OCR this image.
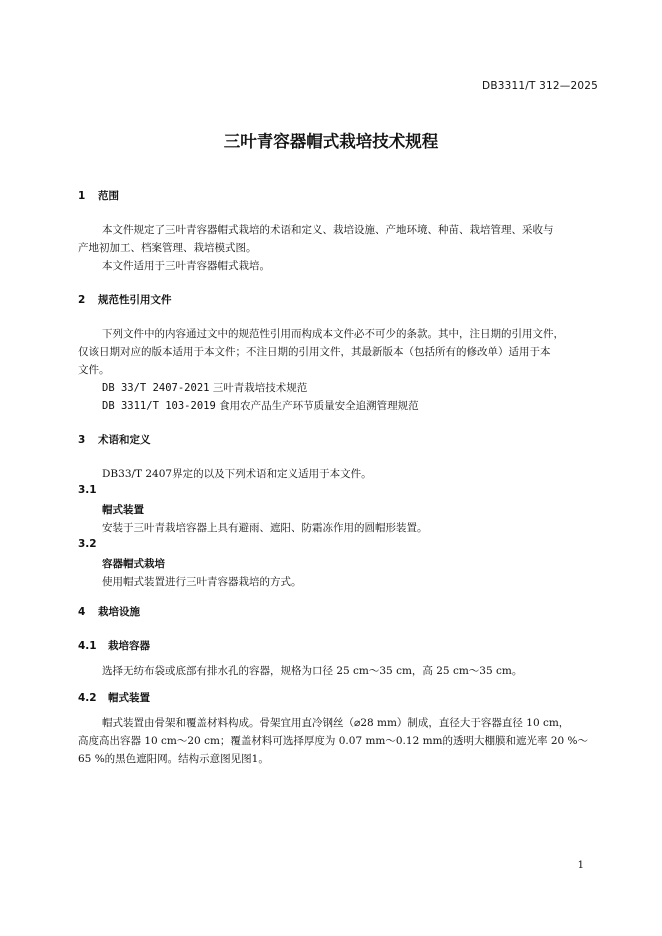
DB3311/T 312—2025
三叶青容器帽式栽培技术规程
1 范围
本文件规定了三叶青容器帽式栽培的术语和定义、栽培设施、产地环境、种苗、栽培管理、采收与
产地初加工、档案管理、栽培模式图。
本文件适用于三叶青容器帽式栽培。
2 规范性引用文件
下列文件中的内容通过文中的规范性引用而构成本文件必不可少的条款。其中，注日期的引用文件，
仅该日期对应的版本适用于本文件；不注日期的引用文件，其最新版本（包括所有的修改单）适用于本
文件。
DB 33/T 2407-2021 三叶青栽培技术规范
DB 3311/T 103-2019 食用农产品生产环节质量安全追溯管理规范
3 术语和定义
DB33/T 2407界定的以及下列术语和定义适用于本文件。
3.1
帽式装置
安装于三叶青栽培容器上具有避雨、遮阳、防霜冻作用的圆帽形装置。
3.2
容器帽式栽培
使用帽式装置进行三叶青容器栽培的方式。
4 栽培设施
4.1 栽培容器
选择无纺布袋或底部有排水孔的容器，规格为口径 25 cm～35 cm，高 25 cm～35 cm。
4.2 帽式装置
帽式装置由骨架和覆盖材料构成。骨架宜用直冷钢丝（⌀28 mm）制成，直径大于容器直径 10 cm，
高度高出容器 10 cm～20 cm；覆盖材料可选择厚度为 0.07 mm～0.12 mm的透明大棚膜和遮光率 20 %～
65 %的黑色遮阳网。结构示意图见图1。
1
